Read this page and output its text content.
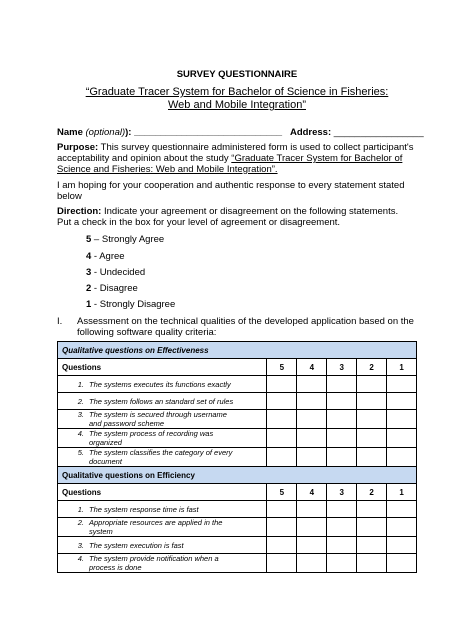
SURVEY QUESTIONNAIRE
“Graduate Tracer System for Bachelor of Science in Fisheries:
Web and Mobile Integration”
Name (optional)): ____________________________ Address: _________________
Purpose: This survey questionnaire administered form is used to collect participant's
acceptability and opinion about the study “Graduate Tracer System for Bachelor of
Science and Fisheries: Web and Mobile Integration”.
I am hoping for your cooperation and authentic response to every statement stated
below
Direction: Indicate your agreement or disagreement on the following statements.
Put a check in the box for your level of agreement or disagreement.
5 – Strongly Agree
4 - Agree
3 - Undecided
2 - Disagree
1 - Strongly Disagree
I. Assessment on the technical qualities of the developed application based on the
following software quality criteria:
Qualitative questions on Effectiveness					
Questions	5	4	3	2	1

1. The systems executes its functions exactly					

2. The system follows an standard set of rules					

3. The system is secured through username
and password scheme					

4. The system process of recording was
organized					

5. The system classifies the category of every
document					

Qualitative questions on Efficiency					
Questions	5	4	3	2	1

1. The system response time is fast					

2. Appropriate resources are applied in the
system					

3. The system execution is fast					

4. The system provide notification when a
process is done					
